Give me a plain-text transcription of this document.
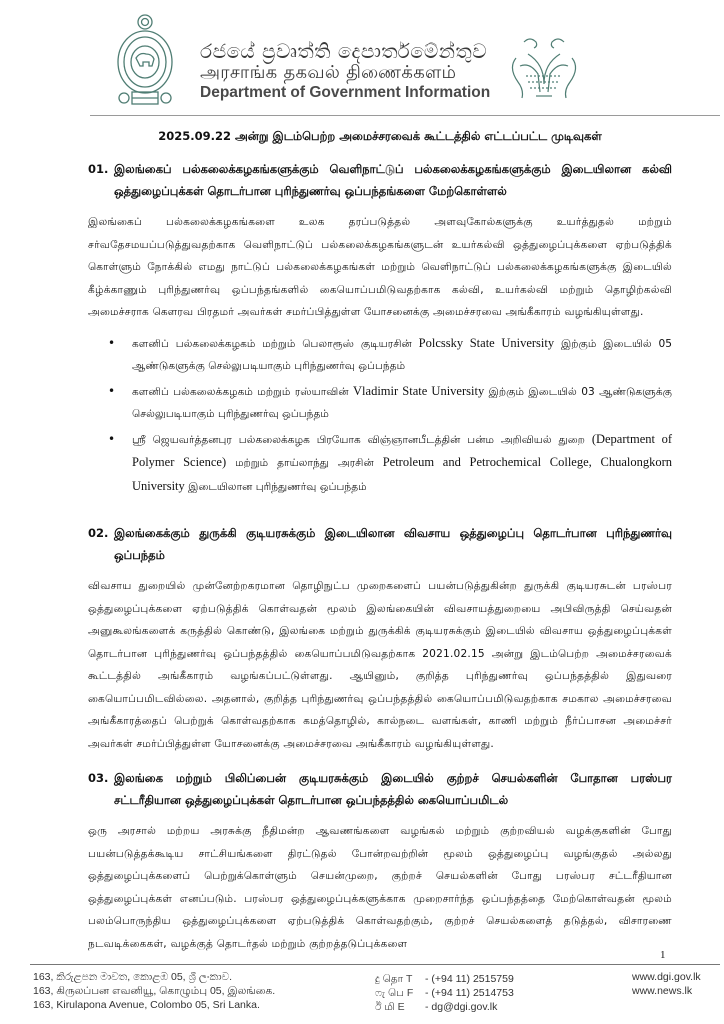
රජයේ ප්‍රවෘත්ති දෙපාර්තමේන්තුව
அரசாங்க தகவல் திணைக்களம்
Department of Government Information
2025.09.22 அன்று இடம்பெற்ற அமைச்சரவைக் கூட்டத்தில் எட்டப்பட்ட முடிவுகள்
01. இலங்கைப் பல்கலைக்கழகங்களுக்கும் வெளிநாட்டுப் பல்கலைக்கழகங்களுக்கும் இடையிலான கல்வி ஒத்துழைப்புக்கள் தொடர்பான புரிந்துணர்வு ஒப்பந்தங்களை மேற்கொள்ளல்
இலங்கைப் பல்கலைக்கழகங்களை உலக தரப்படுத்தல் அளவுகோல்களுக்கு உயர்த்துதல் மற்றும் சர்வதேசமயப்படுத்துவதற்காக வெளிநாட்டுப் பல்கலைக்கழகங்களுடன் உயர்கல்வி ஒத்துழைப்புக்களை ஏற்படுத்திக் கொள்ளும் நோக்கில் எமது நாட்டுப் பல்கலைக்கழகங்கள் மற்றும் வெளிநாட்டுப் பல்கலைக்கழகங்களுக்கு இடையில் கீழ்க்காணும் புரிந்துணர்வு ஒப்பந்தங்களில் கையொப்பமிடுவதற்காக கல்வி, உயர்கல்வி மற்றும் தொழிற்கல்வி அமைச்சராக கௌரவ பிரதமர் அவர்கள் சமர்ப்பித்துள்ள யோசனைக்கு அமைச்சரவை அங்கீகாரம் வழங்கியுள்ளது.
• களனிப் பல்கலைக்கழகம் மற்றும் பெலாரூஸ் குடியரசின் Polcssky State University இற்கும் இடையில் 05 ஆண்டுகளுக்கு செல்லுபடியாகும் புரிந்துணர்வு ஒப்பந்தம்
• களனிப் பல்கலைக்கழகம் மற்றும் ரஸ்யாவின் Vladimir State University இற்கும் இடையில் 03 ஆண்டுகளுக்கு செல்லுபடியாகும் புரிந்துணர்வு ஒப்பந்தம்
• ஸ்ரீ ஜெயவர்த்தனபுர பல்கலைக்கழக பிரயோக விஞ்ஞானபீடத்தின் பன்ம அறிவியல் துறை (Department of Polymer Science) மற்றும் தாய்லாந்து அரசின் Petroleum and Petrochemical College, Chualongkorn University இடையிலான புரிந்துணர்வு ஒப்பந்தம்
02. இலங்கைக்கும் துருக்கி குடியரசுக்கும் இடையிலான விவசாய ஒத்துழைப்பு தொடர்பான புரிந்துணர்வு ஒப்பந்தம்
விவசாய துறையில் முன்னேற்றகரமான தொழிநுட்ப முறைகளைப் பயன்படுத்துகின்ற துருக்கி குடியரசுடன் பரஸ்பர ஒத்துழைப்புக்களை ஏற்படுத்திக் கொள்வதன் மூலம் இலங்கையின் விவசாயத்துறையை அபிவிருத்தி செய்வதன் அனுகூலங்களைக் கருத்தில் கொண்டு, இலங்கை மற்றும் துருக்கிக் குடியரசுக்கும் இடையில் விவசாய ஒத்துழைப்புக்கள் தொடர்பான புரிந்துணர்வு ஒப்பந்தத்தில் கையொப்பமிடுவதற்காக 2021.02.15 அன்று இடம்பெற்ற அமைச்சரவைக் கூட்டத்தில் அங்கீகாரம் வழங்கப்பட்டுள்ளது. ஆயினும், குறித்த புரிந்துணர்வு ஒப்பந்தத்தில் இதுவரை கையொப்பமிடவில்லை. அதனால், குறித்த புரிந்துணர்வு ஒப்பந்தத்தில் கையொப்பமிடுவதற்காக சமகால அமைச்சரவை அங்கீகாரத்தைப் பெற்றுக் கொள்வதற்காக கமத்தொழில், கால்நடை வளங்கள், காணி மற்றும் நீர்ப்பாசன அமைச்சர் அவர்கள் சமர்ப்பித்துள்ள யோசனைக்கு அமைச்சரவை அங்கீகாரம் வழங்கியுள்ளது.
03. இலங்கை மற்றும் பிலிப்பைன் குடியரசுக்கும் இடையில் குற்றச் செயல்களின் போதான பரஸ்பர சட்டரீதியான ஒத்துழைப்புக்கள் தொடர்பான ஒப்பந்தத்தில் கையொப்பமிடல்
ஒரு அரசால் மற்றய அரசுக்கு நீதிமன்ற ஆவணங்களை வழங்கல் மற்றும் குற்றவியல் வழக்குகளின் போது பயன்படுத்தக்கூடிய சாட்சியங்களை திரட்டுதல் போன்றவற்றின் மூலம் ஒத்துழைப்பு வழங்குதல் அல்லது ஒத்துழைப்புக்களைப் பெற்றுக்கொள்ளும் செயன்முறை, குற்றச் செயல்களின் போது பரஸ்பர சட்டரீதியான ஒத்துழைப்புக்கள் எனப்படும். பரஸ்பர ஒத்துழைப்புக்களுக்காக முறைசார்ந்த ஒப்பந்தத்தை மேற்கொள்வதன் மூலம் பலம்பொருந்திய ஒத்துழைப்புக்களை ஏற்படுத்திக் கொள்வதற்கும், குற்றச் செயல்களைத் தடுத்தல், விசாரணை நடவடிக்கைகள், வழக்குத் தொடர்தல் மற்றும் குற்றத்தடுப்புக்களை
1
163, කිරුළපන මාවත, කොළඹ 05, ශ්‍රී ලංකාව.
163, கிருலப்பன எவனியூ, கொழும்பு 05, இலங்கை.
163, Kirulapona Avenue, Colombo 05, Sri Lanka.
දු தொ T	- (+94 11) 2515759
ෆැ பெ F	- (+94 11) 2514753
ඊ மி E	- dg@dgi.gov.lk
www.dgi.gov.lk
www.news.lk
